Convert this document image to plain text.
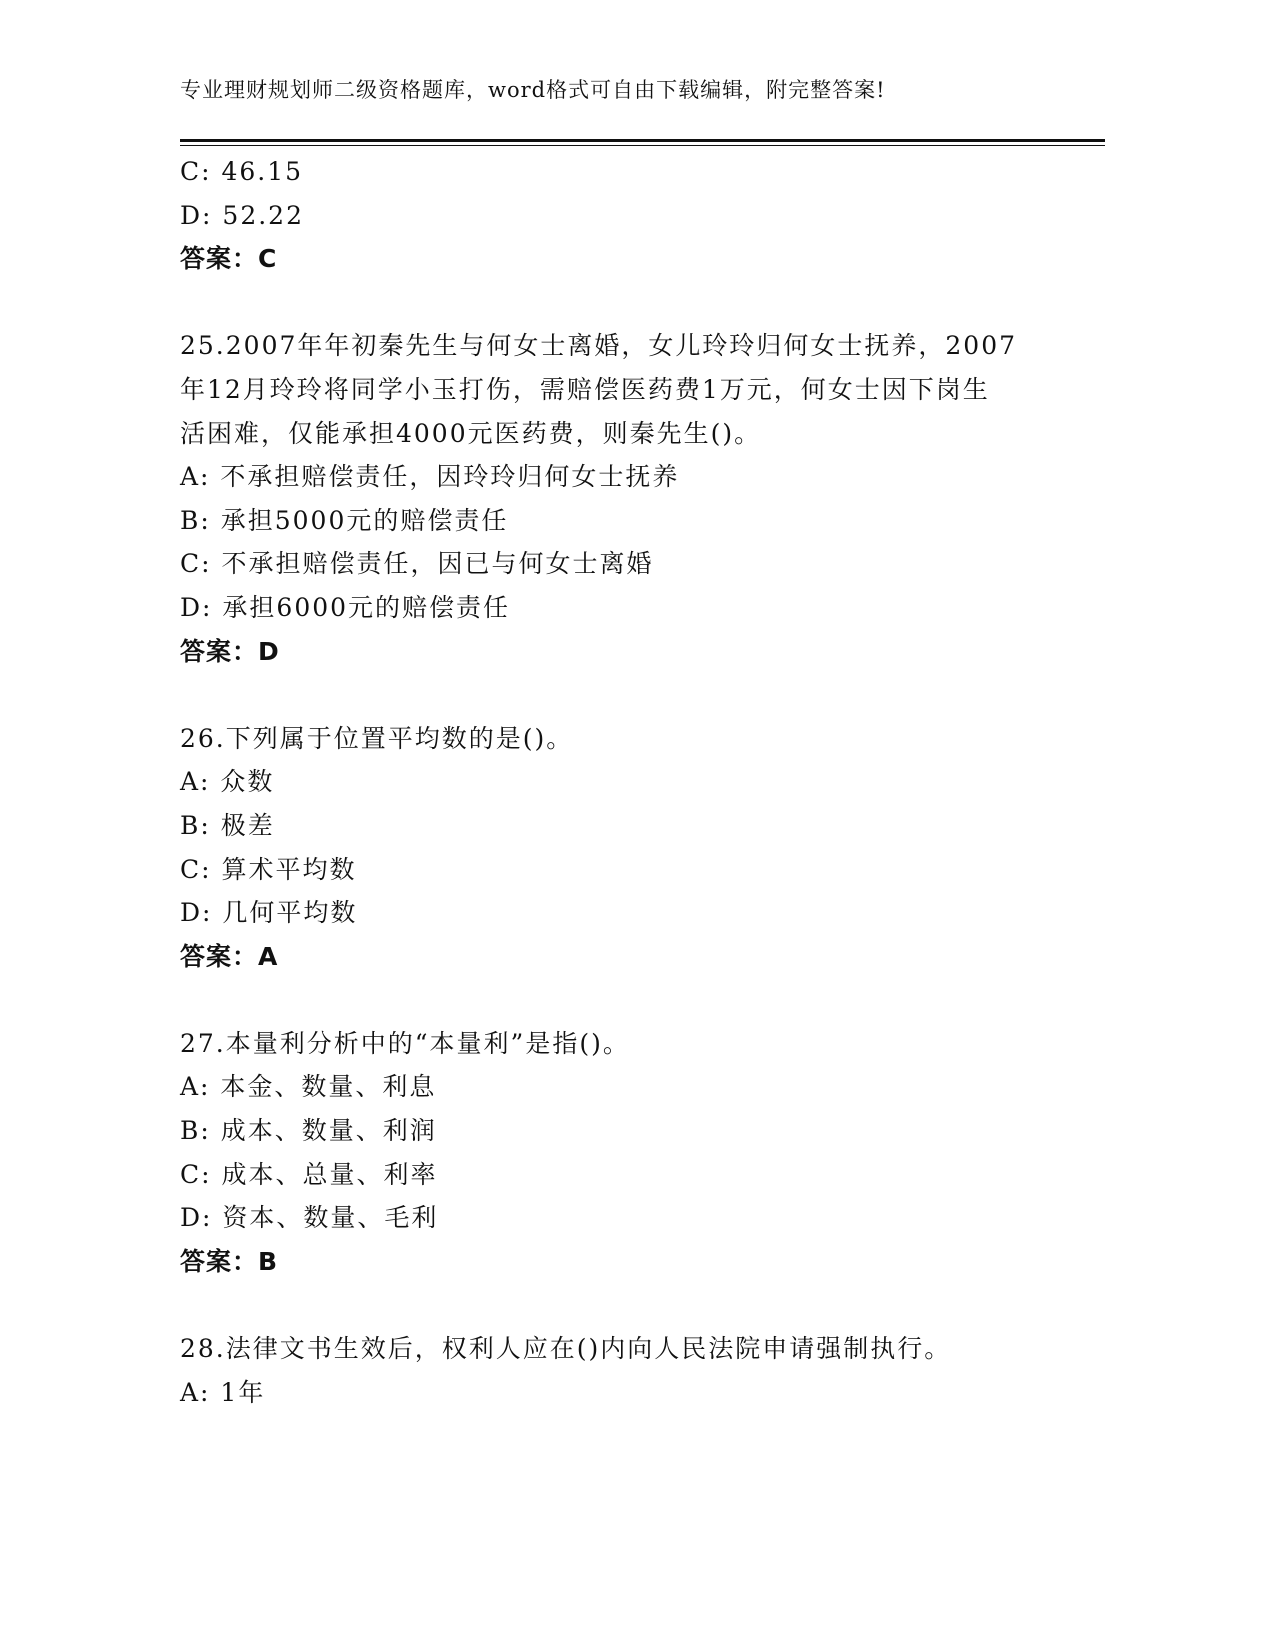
专业理财规划师二级资格题库，word格式可自由下载编辑，附完整答案!
C: 46.15
D: 52.22
答案：C
25.2007年年初秦先生与何女士离婚，女儿玲玲归何女士抚养，2007
年12月玲玲将同学小玉打伤，需赔偿医药费1万元，何女士因下岗生
活困难，仅能承担4000元医药费，则秦先生()。
A: 不承担赔偿责任，因玲玲归何女士抚养
B: 承担5000元的赔偿责任
C: 不承担赔偿责任，因已与何女士离婚
D: 承担6000元的赔偿责任
答案：D
26.下列属于位置平均数的是()。
A: 众数
B: 极差
C: 算术平均数
D: 几何平均数
答案：A
27.本量利分析中的“本量利”是指()。
A: 本金、数量、利息
B: 成本、数量、利润
C: 成本、总量、利率
D: 资本、数量、毛利
答案：B
28.法律文书生效后，权利人应在()内向人民法院申请强制执行。
A: 1年
